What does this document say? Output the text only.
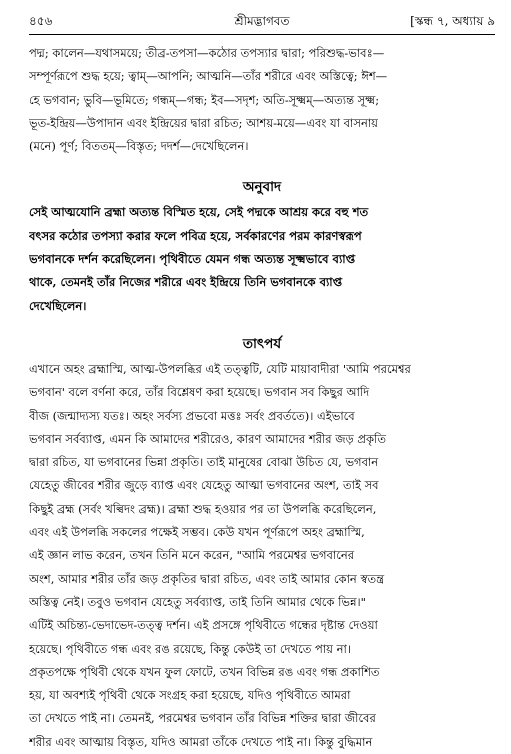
৪৫৬	শ্রীমদ্ভাগবত	[স্কন্ধ ৭, অধ্যায় ৯
পদ্ম; কালেন—যথাসময়ে; তীব্র-তপসা—কঠোর তপস্যার দ্বারা; পরিশুদ্ধ-ভাবঃ—
সম্পূর্ণরূপে শুদ্ধ হয়ে; ত্বাম্—আপনি; আত্মনি—তাঁর শরীরে এবং অস্তিত্বে; ঈশ—
হে ভগবান; ভুবি—ভূমিতে; গন্ধম্—গন্ধ; ইব—সদৃশ; অতি-সূক্ষ্মম্—অত্যন্ত সূক্ষ্ম;
ভূত-ইন্দ্রিয়—উপাদান এবং ইন্দ্রিয়ের দ্বারা রচিত; আশয়-ময়ে—এবং যা বাসনায়
(মনে) পূর্ণ; বিততম্—বিস্তৃত; দদর্শ—দেখেছিলেন।
অনুবাদ
সেই আত্মযোনি ব্রহ্মা অত্যন্ত বিস্মিত হয়ে, সেই পদ্মকে আশ্রয় করে বহু শত
বৎসর কঠোর তপস্যা করার ফলে পবিত্র হয়ে, সর্বকারণের পরম কারণস্বরূপ
ভগবানকে দর্শন করেছিলেন। পৃথিবীতে যেমন গন্ধ অত্যন্ত সূক্ষ্মভাবে ব্যাপ্ত
থাকে, তেমনই তাঁর নিজের শরীরে এবং ইন্দ্রিয়ে তিনি ভগবানকে ব্যাপ্ত
দেখেছিলেন।
তাৎপর্য
এখানে অহং ব্রহ্মাস্মি, আত্ম-উপলব্ধির এই তত্ত্বটি, যেটি মায়াবাদীরা 'আমি পরমেশ্বর
ভগবান' বলে বর্ণনা করে, তাঁর বিশ্লেষণ করা হয়েছে। ভগবান সব কিছুর আদি
বীজ (জন্মাদ্যস্য যতঃ। অহং সর্বস্য প্রভবো মত্তঃ সর্বং প্রবর্ততে)। এইভাবে
ভগবান সর্বব্যাপ্ত, এমন কি আমাদের শরীরেও, কারণ আমাদের শরীর জড় প্রকৃতি
দ্বারা রচিত, যা ভগবানের ভিন্না প্রকৃতি। তাই মানুষের বোঝা উচিত যে, ভগবান
যেহেতু জীবের শরীর জুড়ে ব্যাপ্ত এবং যেহেতু আত্মা ভগবানের অংশ, তাই সব
কিছুই ব্রহ্ম (সর্বং খল্বিদং ব্রহ্ম)। ব্রহ্মা শুদ্ধ হওয়ার পর তা উপলব্ধি করেছিলেন,
এবং এই উপলব্ধি সকলের পক্ষেই সম্ভব। কেউ যখন পূর্ণরূপে অহং ব্রহ্মাস্মি,
এই জ্ঞান লাভ করেন, তখন তিনি মনে করেন, "আমি পরমেশ্বর ভগবানের
অংশ, আমার শরীর তাঁর জড় প্রকৃতির দ্বারা রচিত, এবং তাই আমার কোন স্বতন্ত্র
অস্তিত্ব নেই। তবুও ভগবান যেহেতু সর্বব্যাপ্ত, তাই তিনি আমার থেকে ভিন্ন।"
এটিই অচিন্ত্য-ভেদাভেদ-তত্ত্ব দর্শন। এই প্রসঙ্গে পৃথিবীতে গন্ধের দৃষ্টান্ত দেওয়া
হয়েছে। পৃথিবীতে গন্ধ এবং রঙ রয়েছে, কিন্তু কেউই তা দেখতে পায় না।
প্রকৃতপক্ষে পৃথিবী থেকে যখন ফুল ফোটে, তখন বিভিন্ন রঙ এবং গন্ধ প্রকাশিত
হয়, যা অবশ্যই পৃথিবী থেকে সংগ্রহ করা হয়েছে, যদিও পৃথিবীতে আমরা
তা দেখতে পাই না। তেমনই, পরমেশ্বর ভগবান তাঁর বিভিন্ন শক্তির দ্বারা জীবের
শরীর এবং আত্মায় বিস্তৃত, যদিও আমরা তাঁকে দেখতে পাই না। কিন্তু বুদ্ধিমান
